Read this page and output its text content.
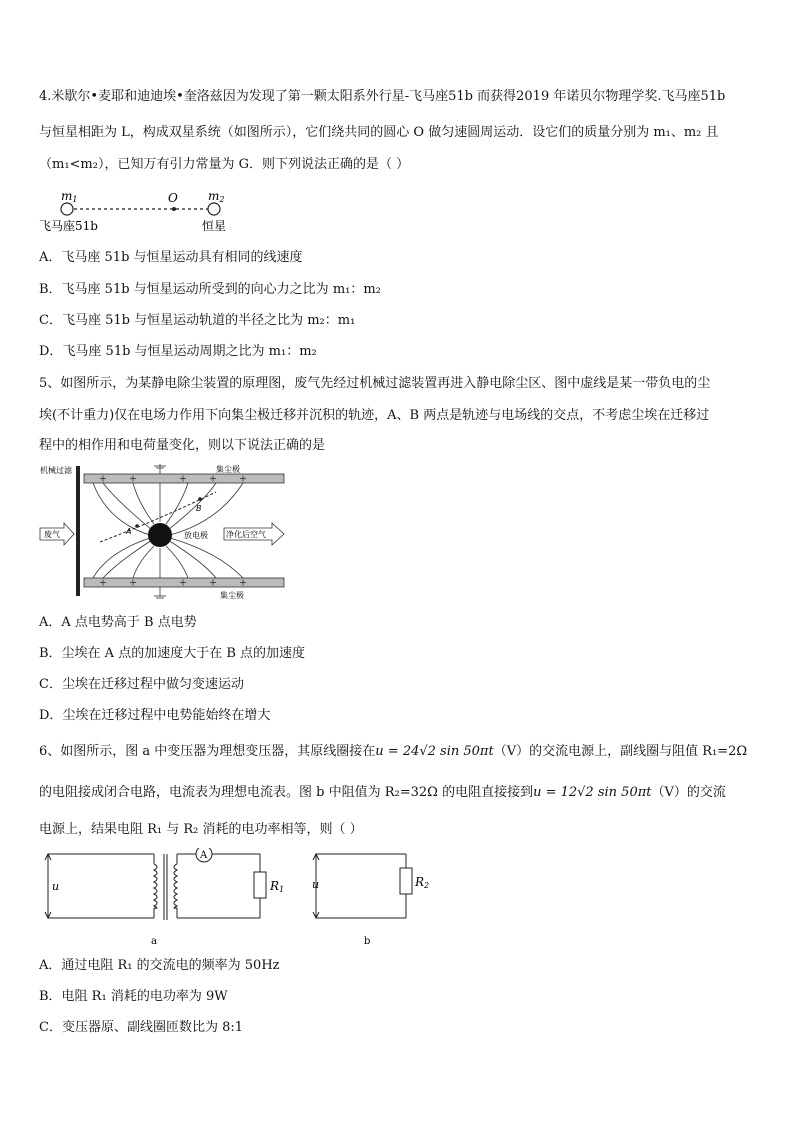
4.米歇尔•麦耶和迪迪埃•奎洛兹因为发现了第一颗太阳系外行星-飞马座51b 而获得2019 年诺贝尔物理学奖.飞马座51b
与恒星相距为 L，构成双星系统（如图所示），它们绕共同的圆心 O 做匀速圆周运动．设它们的质量分别为 m₁、m₂ 且
（m₁<m₂），已知万有引力常量为 G．则下列说法正确的是（ ）
m1	m2
O
飞马座51b	恒星
A．飞马座 51b 与恒星运动具有相同的线速度
B．飞马座 51b 与恒星运动所受到的向心力之比为 m₁：m₂
C．飞马座 51b 与恒星运动轨道的半径之比为 m₂：m₁
D．飞马座 51b 与恒星运动周期之比为 m₁：m₂
5、如图所示，为某静电除尘装置的原理图，废气先经过机械过滤装置再进入静电除尘区、图中虚线是某一带负电的尘
埃(不计重力)仅在电场力作用下向集尘极迁移并沉积的轨迹，A、B 两点是轨迹与电场线的交点，不考虑尘埃在迁移过
程中的相作用和电荷量变化，则以下说法正确的是
机械过滤	集尘极
集尘极
A
B
放电极
废气	净化后空气
A．A 点电势高于 B 点电势
B．尘埃在 A 点的加速度大于在 B 点的加速度
C．尘埃在迁移过程中做匀变速运动
D．尘埃在迁移过程中电势能始终在增大
6、如图所示，图 a 中变压器为理想变压器，其原线圈接在u = 24√2 sin 50πt（V）的交流电源上，副线圈与阻值 R₁=2Ω
的电阻接成闭合电路，电流表为理想电流表。图 b 中阻值为 R₂=32Ω 的电阻直接接到u = 12√2 sin 50πt（V）的交流
电源上，结果电阻 R₁ 与 R₂ 消耗的电功率相等，则（ ）
A
R1
u
a
u	R2
b
A．通过电阻 R₁ 的交流电的频率为 50Hz
B．电阻 R₁ 消耗的电功率为 9W
C．变压器原、副线圈匝数比为 8:1
